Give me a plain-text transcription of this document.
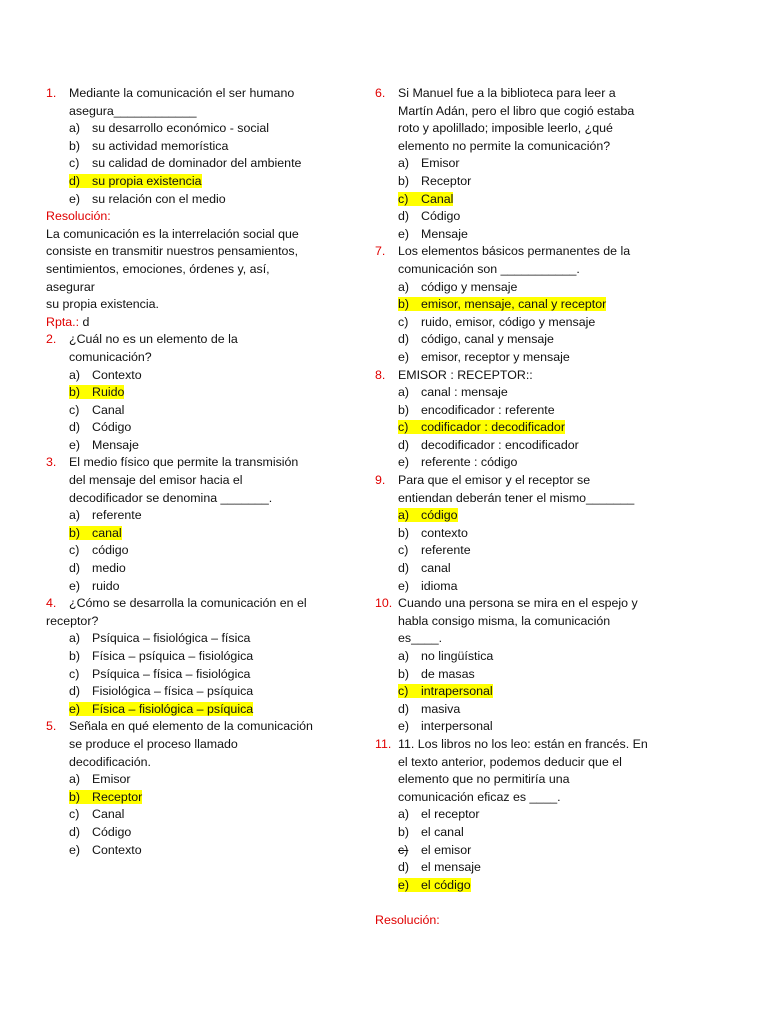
1. Mediante la comunicación el ser humano
asegura____________
a) su desarrollo económico - social
b) su actividad memorística
c) su calidad de dominador del ambiente
d) su propia existencia
e) su relación con el medio
Resolución:
La comunicación es la interrelación social que
consiste en transmitir nuestros pensamientos,
sentimientos, emociones, órdenes y, así,
asegurar
su propia existencia.
Rpta.: d
2. ¿Cuál no es un elemento de la
comunicación?
a) Contexto
b) Ruido
c) Canal
d) Código
e) Mensaje
3. El medio físico que permite la transmisión
del mensaje del emisor hacia el
decodificador se denomina _______.
a) referente
b) canal
c) código
d) medio
e) ruido
4. ¿Cómo se desarrolla la comunicación en el
receptor?
a) Psíquica – fisiológica – física
b) Física – psíquica – fisiológica
c) Psíquica – física – fisiológica
d) Fisiológica – física – psíquica
e) Física – fisiológica – psíquica
5. Señala en qué elemento de la comunicación
se produce el proceso llamado
decodificación.
a) Emisor
b) Receptor
c) Canal
d) Código
e) Contexto
6. Si Manuel fue a la biblioteca para leer a
Martín Adán, pero el libro que cogió estaba
roto y apolillado; imposible leerlo, ¿qué
elemento no permite la comunicación?
a) Emisor
b) Receptor
c) Canal
d) Código
e) Mensaje
7. Los elementos básicos permanentes de la
comunicación son ___________.
a) código y mensaje
b) emisor, mensaje, canal y receptor
c) ruido, emisor, código y mensaje
d) código, canal y mensaje
e) emisor, receptor y mensaje
8. EMISOR : RECEPTOR::
a) canal : mensaje
b) encodificador : referente
c) codificador : decodificador
d) decodificador : encodificador
e) referente : código
9. Para que el emisor y el receptor se
entiendan deberán tener el mismo_______
a) código
b) contexto
c) referente
d) canal
e) idioma
10. Cuando una persona se mira en el espejo y
habla consigo misma, la comunicación
es____.
a) no lingüística
b) de masas
c) intrapersonal
d) masiva
e) interpersonal
11. 11. Los libros no los leo: están en francés. En
el texto anterior, podemos deducir que el
elemento que no permitiría una
comunicación eficaz es ____.
a) el receptor
b) el canal
c) el emisor
d) el mensaje
e) el código
Resolución:
